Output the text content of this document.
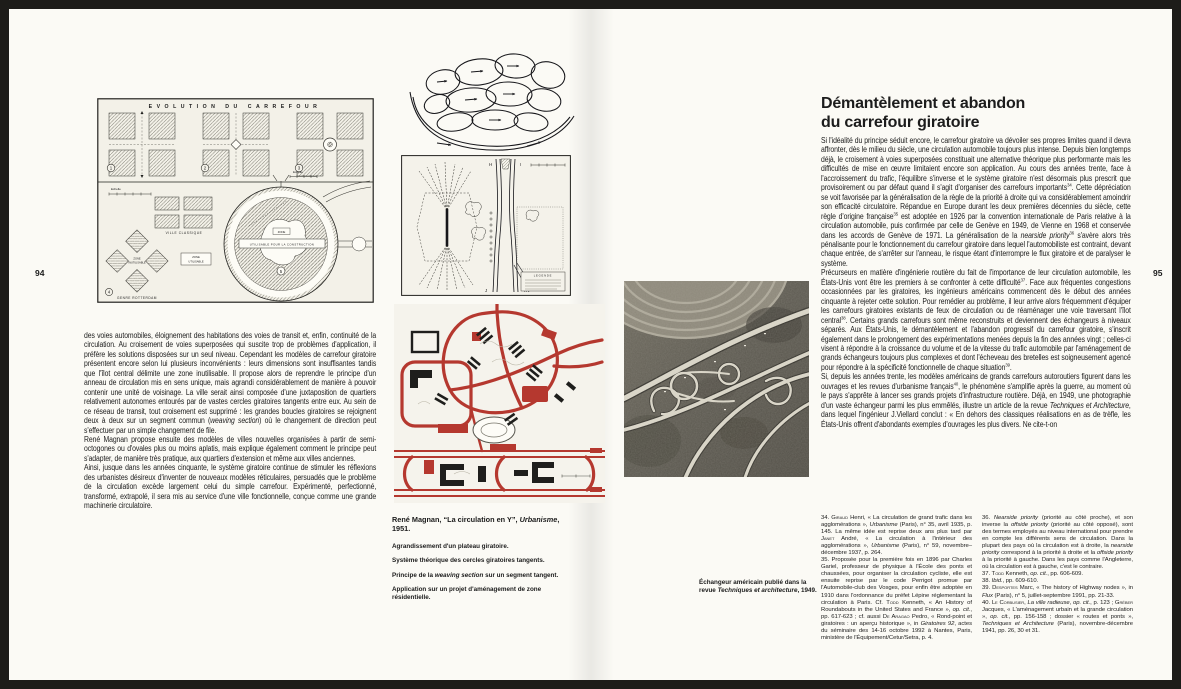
94
EVOLUTION DU CARREFOUR
1	2	3
Echelle
Echelle
VILLE CLASSIQUE
ZONE
INUTILISABLE
GENRE ROTTERDAM
4
ZONE
UTILISABLE POUR LA CONSTRUCTION
5
ZONE
UTILISABLE

des voies automobiles, éloignement des habitations des voies de transit et, enfin, continuité de la circulation. Au croisement de voies superposées qui suscite trop de problèmes d'application, il préfère les solutions disposées sur un seul niveau. Cependant les modèles de carrefour giratoire présentent encore selon lui plusieurs inconvénients : leurs dimensions sont insuffisantes tandis que l'îlot central délimite une zone inutilisable. Il propose alors de reprendre le principe d'un anneau de circulation mis en sens unique, mais agrandi considérablement de manière à pouvoir contenir une unité de voisinage. La ville serait ainsi composée d'une juxtaposition de quartiers relativement autonomes entourés par de vastes cercles giratoires tangents entre eux. Au sein de ce réseau de transit, tout croisement est supprimé : les grandes boucles giratoires se rejoignent deux à deux sur un segment commun (weaving section) où le changement de direction peut s'effectuer par un simple changement de file.

René Magnan propose ensuite des modèles de villes nouvelles organisées à partir de semi-octogones ou d'ovales plus ou moins aplatis, mais explique également comment le principe peut s'adapter, de manière très pratique, aux quartiers d'extension et même aux villes anciennes.

Ainsi, jusque dans les années cinquante, le système giratoire continue de stimuler les réflexions des urbanistes désireux d'inventer de nouveaux modèles réticulaires, persuadés que le problème de la circulation excède largement celui du simple carrefour. Expérimenté, perfectionné, transformé, extrapolé, il sera mis au service d'une ville fonctionnelle, conçue comme une grande machinerie circulatoire.

H	I
J
LEGENDE

René Magnan, “La circulation en Y”, Urbanisme, 1951.

Agrandissement d'un plateau giratoire.

Système théorique des cercles giratoires tangents.

Principe de la weaving section sur un segment tangent.

Application sur un projet d'aménagement de zone résidentielle.

Échangeur américain publié dans la revue Techniques et architecture, 1949.
Démantèlement et abandon
du carrefour giratoire

Si l'idéalité du principe séduit encore, le carrefour giratoire va dévoiler ses propres limites quand il devra affronter, dès le milieu du siècle, une circulation automobile toujours plus intense. Depuis bien longtemps déjà, le croisement à voies superposées constituait une alternative théorique plus performante mais les difficultés de mise en œuvre limitaient encore son application. Au cours des années trente, face à l'accroissement du trafic, l'équilibre s'inverse et le système giratoire n'est désormais plus prescrit que provisoirement ou par défaut quand il s'agit d'organiser des carrefours importants$^{34}$. Cette dépréciation se voit favorisée par la généralisation de la règle de la priorité à droite qui va considérablement amoindrir son efficacité circulatoire. Répandue en Europe durant les deux premières décennies du siècle, cette règle d'origine française$^{35}$ est adoptée en 1926 par la convention internationale de Paris relative à la circulation automobile, puis confirmée par celle de Genève en 1949, de Vienne en 1968 et conservée dans les accords de Genève de 1971. La généralisation de la nearside priority$^{36}$ s'avère alors très pénalisante pour le fonctionnement du carrefour giratoire dans lequel l'automobiliste est contraint, devant chaque entrée, de s'arrêter sur l'anneau, le risque étant d'interrompre le flux giratoire et de paralyser le système.

Précurseurs en matière d'ingénierie routière du fait de l'importance de leur circulation automobile, les États-Unis vont être les premiers à se confronter à cette difficulté$^{37}$. Face aux fréquentes congestions occasionnées par les giratoires, les ingénieurs américains commencent dès le début des années cinquante à rejeter cette solution. Pour remédier au problème, il leur arrive alors fréquemment d'équiper les carrefours giratoires existants de feux de circulation ou de réaménager une voie traversant l'îlot central$^{38}$. Certains grands carrefours sont même reconstruits et deviennent des échangeurs à niveaux séparés. Aux États-Unis, le démantèlement et l'abandon progressif du carrefour giratoire, s'inscrit également dans le prolongement des expérimentations menées depuis la fin des années vingt ; celles-ci visent à répondre à la croissance du volume et de la vitesse du trafic automobile par l'aménagement de grands échangeurs toujours plus complexes et dont l'écheveau des bretelles est soigneusement agencé pour répondre à la spécificité fonctionnelle de chaque situation$^{39}$.

Si, depuis les années trente, les modèles américains de grands carrefours autoroutiers figurent dans les ouvrages et les revues d'urbanisme français$^{40}$, le phénomène s'amplifie après la guerre, au moment où le pays s'apprête à lancer ses grands projets d'infrastructure routière. Déjà, en 1949, une photographie d'un vaste échangeur parmi les plus emmêlés, illustre un article de la revue Techniques et Architecture, dans lequel l'ingénieur J.Viellard conclut : « En dehors des classiques réalisations en as de trèfle, les États-Unis offrent d'abondants exemples d'ouvrages les plus divers. Ne cite-t-on

34. Giraud Henri, « La circulation de grand trafic dans les agglomérations », Urbanisme (Paris), n° 35, avril 1935, p. 145. La même idée est reprise deux ans plus tard par Janet André, « La circulation à l'intérieur des agglomérations », Urbanisme (Paris), n° 59, novembre–décembre 1937, p. 264.

35. Proposée pour la première fois en 1896 par Charles Gariel, professeur de physique à l'École des ponts et chaussées, pour organiser la circulation cycliste, elle est ensuite reprise par le code Perrigot promue par l'Automobile-club des Vosges, pour enfin être adoptée en 1910 dans l'ordonnance du préfet Lépine réglementant la circulation à Paris. Cf. Todd Kenneth, « An History of Roundabouts in the United States and France », op. cit., pp. 617-623 ; cf. aussi De Aragao Pedro, « Rond-point et giratoires : un aperçu historique », in Giratoires 92, actes du séminaire des 14-16 octobre 1992 à Nantes, Paris, ministère de l'Équipement/Cetur/Setra, p. 4.

36. Nearside priority (priorité au côté proche), et son inverse la offside priority (priorité au côté opposé), sont des termes employés au niveau international pour prendre en compte les différents sens de circulation. Dans la plupart des pays où la circulation est à droite, la nearside priority correspond à la priorité à droite et la offside priority à la priorité à gauche. Dans les pays comme l'Angleterre, où la circulation est à gauche, c'est le contraire.

37. Todd Kenneth, op. cit., pp. 606-609.

38. Ibid., pp. 609-610.

39. Desportes Marc, « The history of Highway nodes », in Flux (Paris), n° 5, juillet-septembre 1991, pp. 21-33.

40. Le Corbusier, La ville radieuse, op. cit., p. 123 ; Gréber Jacques, « L'aménagement urbain et la grande circulation », op. cit., pp. 156-158 ; dossier « routes et ponts », Techniques et Architecture (Paris), novembre-décembre 1941, pp. 26, 30 et 31.

95
